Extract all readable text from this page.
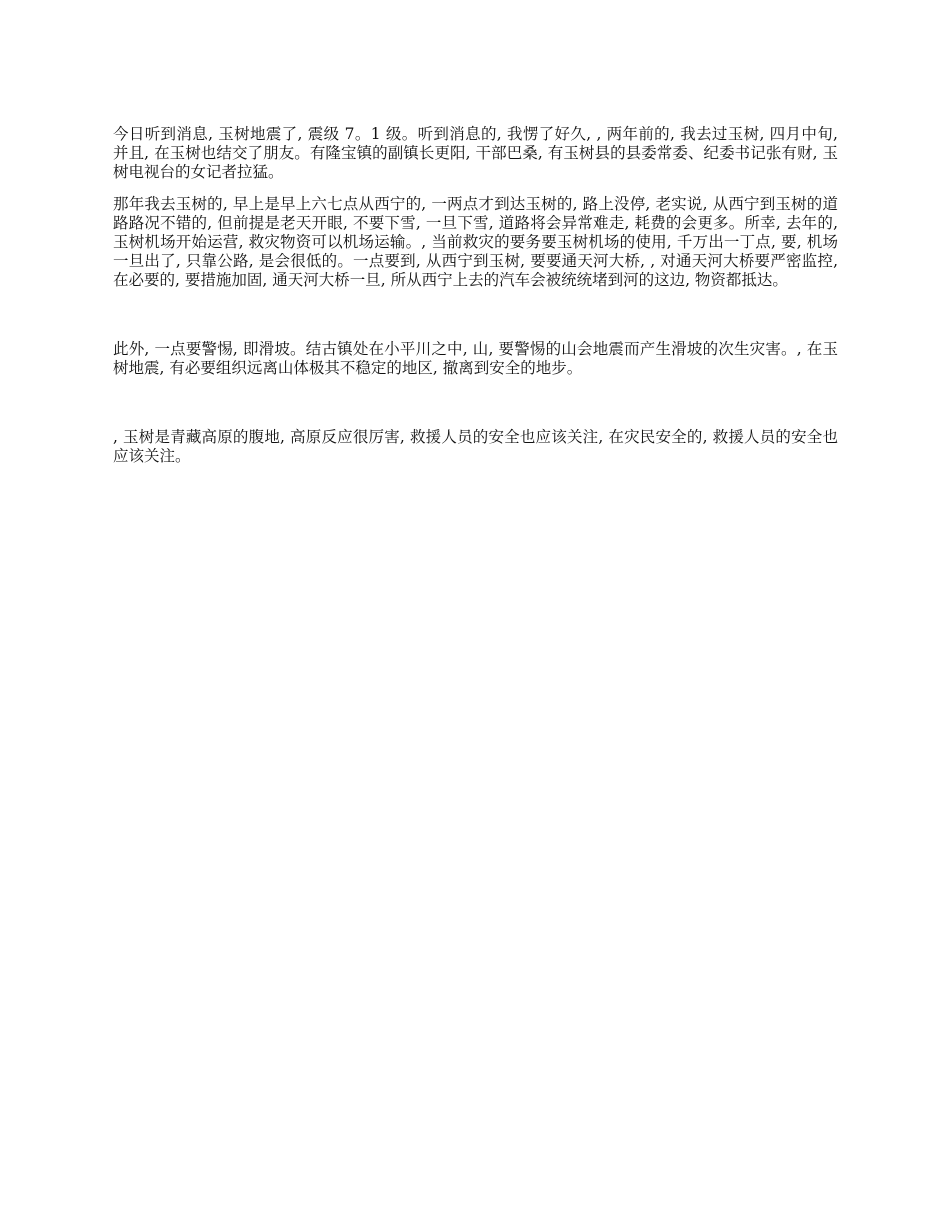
今日听到消息, 玉树地震了, 震级 7。1 级。听到消息的, 我愣了好久, , 两年前的, 我去过玉树, 四月中旬, 并且, 在玉树也结交了朋友。有隆宝镇的副镇长更阳, 干部巴桑, 有玉树县的县委常委、纪委书记张有财, 玉树电视台的女记者拉猛。

那年我去玉树的, 早上是早上六七点从西宁的, 一两点才到达玉树的, 路上没停, 老实说, 从西宁到玉树的道路路况不错的, 但前提是老天开眼, 不要下雪, 一旦下雪, 道路将会异常难走, 耗费的会更多。所幸, 去年的, 玉树机场开始运营, 救灾物资可以机场运输。, 当前救灾的要务要玉树机场的使用, 千万出一丁点, 要, 机场一旦出了, 只靠公路, 是会很低的。一点要到, 从西宁到玉树, 要要通天河大桥, , 对通天河大桥要严密监控, 在必要的, 要措施加固, 通天河大桥一旦, 所从西宁上去的汽车会被统统堵到河的这边, 物资都抵达。

此外, 一点要警惕, 即滑坡。结古镇处在小平川之中, 山, 要警惕的山会地震而产生滑坡的次生灾害。, 在玉树地震, 有必要组织远离山体极其不稳定的地区, 撤离到安全的地步。

, 玉树是青藏高原的腹地, 高原反应很厉害, 救援人员的安全也应该关注, 在灾民安全的, 救援人员的安全也应该关注。
